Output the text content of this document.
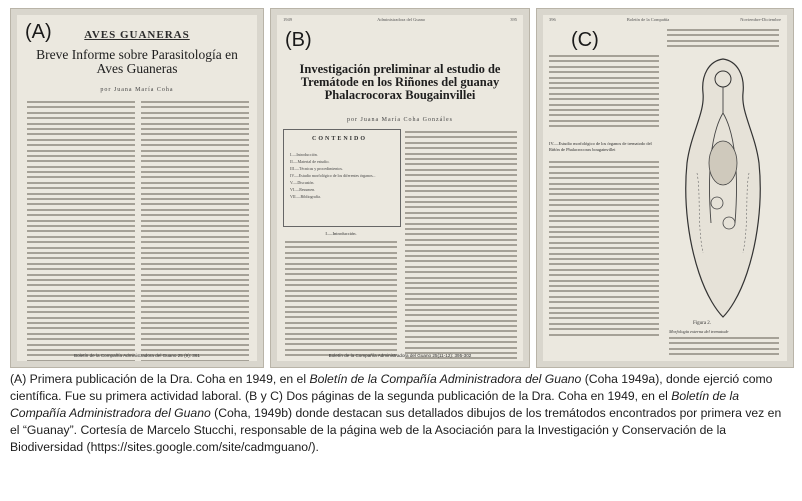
(A)	AVES GUANERAS
Breve Informe sobre Parasitología en Aves Guaneras
por Juana María Coha
Boletín de la Compañía Administradora del Guano 25 (9): 361
1949	Administradora del Guano	395
(B)
Investigación preliminar al estudio de Tremátode en los Riñones del guanay Phalacrocorax Bougainvillei
por Juana María Coha Gonzáles
CONTENIDO
I.—Introducción.
II.—Material de estudio.
III.—Técnicas y procedimientos.
IV.—Estudio morfológico de los diferentes órganos...
V.—Discusión.
VI.—Resumen.
VII.—Bibliografía.
I.—Introducción.
Boletín de la Compañía Administradora del Guano 25(11-12): 395-302
396	Boletín de la Compañía	Noviembre-Diciembre
(C)
IV.—Estudio morfológico de los órganos de trematodo del Riñón de Phalacrocorax bougainvillei
Figura 2.
Morfología externa del trematode
(A) Primera publicación de la Dra. Coha en 1949, en el Boletín de la Compañía Administradora del Guano (Coha 1949a), donde ejerció como científica. Fue su primera actividad laboral. (B y C) Dos páginas de la segunda publicación de la Dra. Coha en 1949, en el Boletín de la Compañía Administradora del Guano (Coha, 1949b) donde destacan sus detallados dibujos de los tremátodos encontrados por primera vez en el “Guanay”. Cortesía de Marcelo Stucchi, responsable de la página web de la Asociación para la Investigación y Conservación de la Biodiversidad (https://sites.google.com/site/cadmguano/).
